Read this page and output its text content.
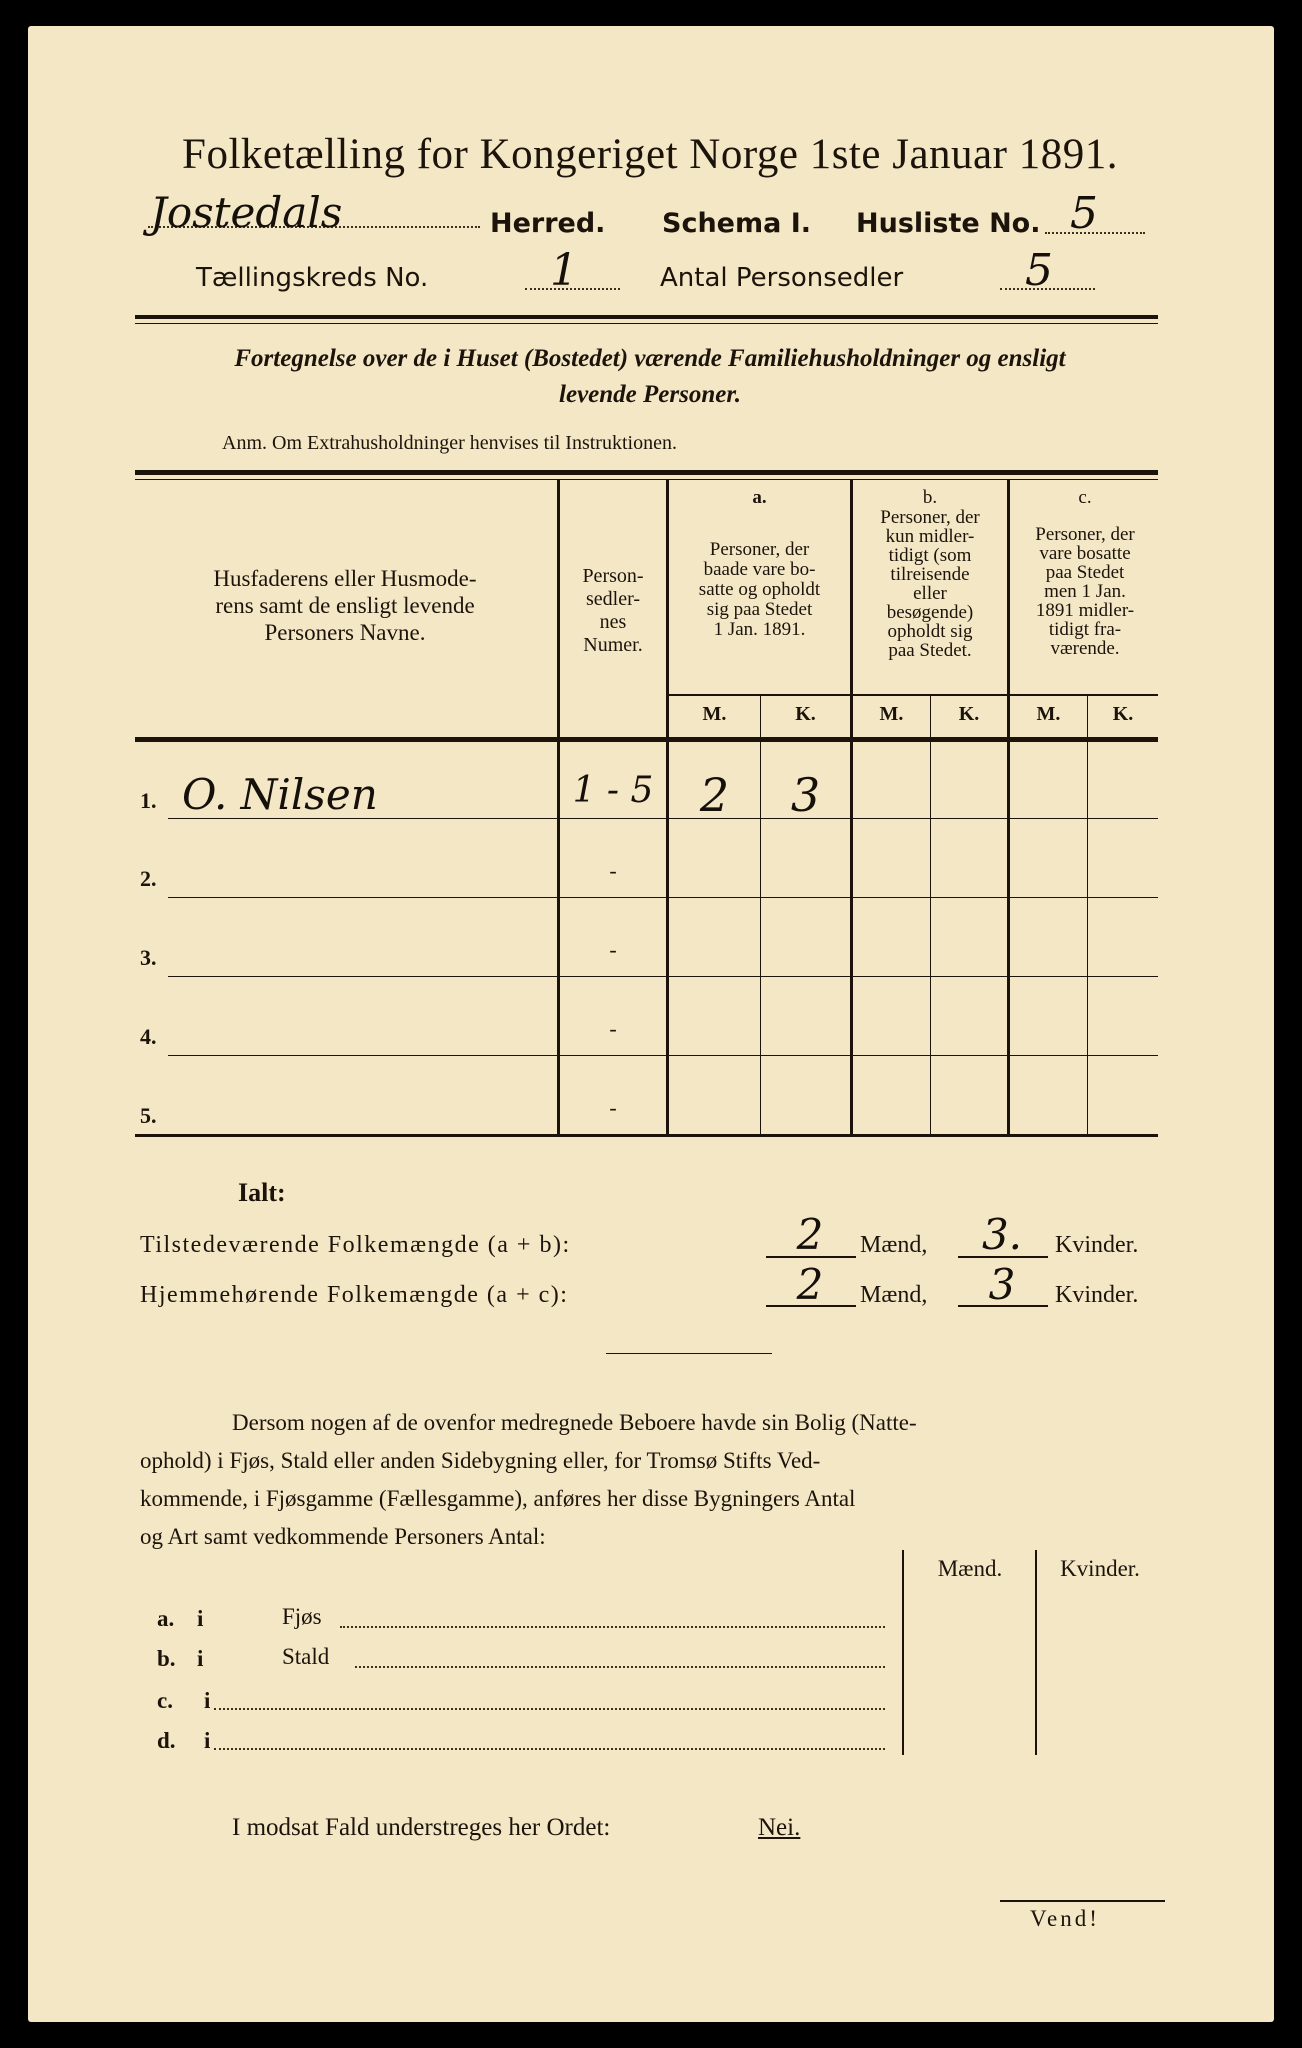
Folketælling for Kongeriget Norge 1ste Januar 1891.
Jostedals	Herred. Schema I. Husliste No. 5
Tællingskreds No.	1	Antal Personsedler	5
Fortegnelse over de i Huset (Bostedet) værende Familiehusholdninger og ensligt
levende Personer.
Anm. Om Extrahusholdninger henvises til Instruktionen.
Husfaderens eller Husmode-
rens samt de ensligt levende
Personers Navne.
Person-
sedler-
nes
Numer.
a.
Personer, der
baade vare bo-
satte og opholdt
sig paa Stedet
1 Jan. 1891.
b.
Personer, der
kun midler-
tidigt (som
tilreisende
eller
besøgende)
opholdt sig
paa Stedet.
c.
Personer, der
vare bosatte
paa Stedet
men 1 Jan.
1891 midler-
tidigt fra-
værende.
M.	K.	M.	K.	M.	K.
1. O. Nilsen	1 - 5	2	3
2.	-
3.	-
4.	-
5.	-
Ialt:
Tilstedeværende Folkemængde (a + b):	2	Mænd,	3.	Kvinder.
Hjemmehørende Folkemængde (a + c):	2	Mænd,	3	Kvinder.
Dersom nogen af de ovenfor medregnede Beboere havde sin Bolig (Natte-
ophold) i Fjøs, Stald eller anden Sidebygning eller, for Tromsø Stifts Ved-
kommende, i Fjøsgamme (Fællesgamme), anføres her disse Bygningers Antal
og Art samt vedkommende Personers Antal:
Mænd.	Kvinder.
a. i	Fjøs
b. i	Stald
c. i
d. i
I modsat Fald understreges her Ordet:	Nei.
Vend!
